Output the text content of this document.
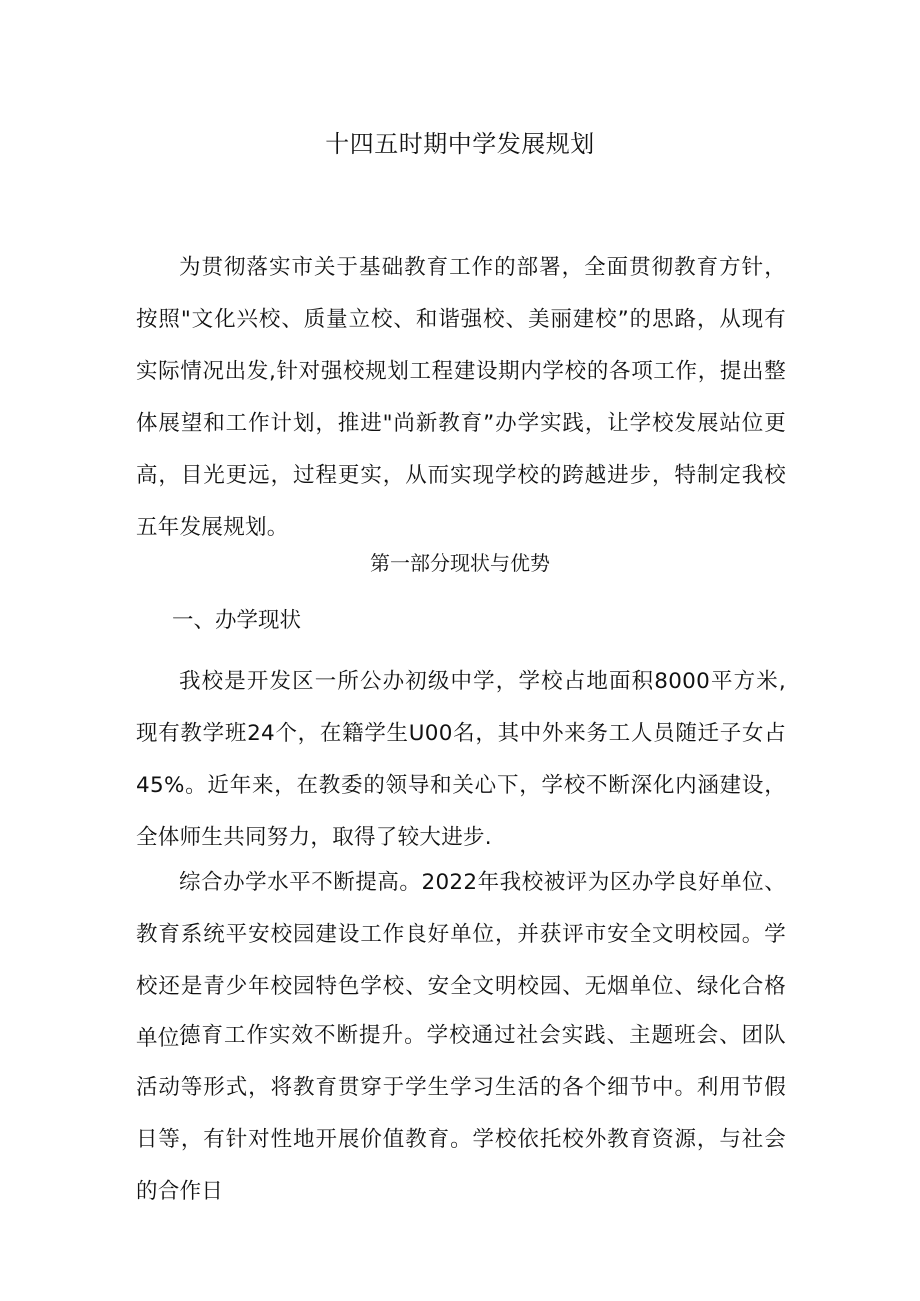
十四五时期中学发展规划

为贯彻落实市关于基础教育工作的部署，全面贯彻教育方针，按照"文化兴校、质量立校、和谐强校、美丽建校”的思路，从现有实际情况出发,针对强校规划工程建设期内学校的各项工作，提出整体展望和工作计划，推进"尚新教育”办学实践，让学校发展站位更高，目光更远，过程更实，从而实现学校的跨越进步，特制定我校五年发展规划。

第一部分现状与优势
一、办学现状

我校是开发区一所公办初级中学，学校占地面积8000平方米,现有教学班24个，在籍学生U00名，其中外来务工人员随迁子女占45%。近年来，在教委的领导和关心下，学校不断深化内涵建设，全体师生共同努力，取得了较大进步.

综合办学水平不断提高。2022年我校被评为区办学良好单位、教育系统平安校园建设工作良好单位，并获评市安全文明校园。学校还是青少年校园特色学校、安全文明校园、无烟单位、绿化合格单位.

德育工作实效不断提升。学校通过社会实践、主题班会、团队活动等形式，将教育贯穿于学生学习生活的各个细节中。利用节假日等，有针对性地开展价值教育。学校依托校外教育资源，与社会的合作日
